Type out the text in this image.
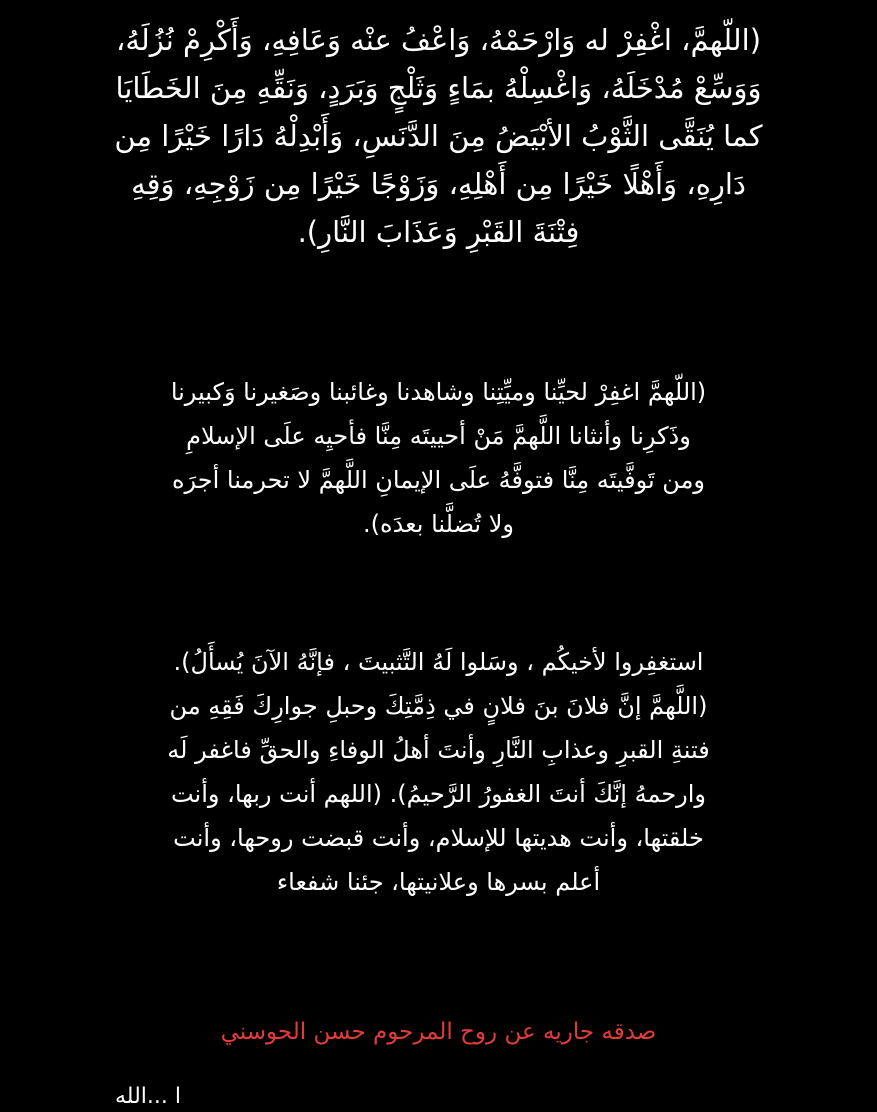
(اللّهمَّ، اغْفِرْ له وَارْحَمْهُ، وَاعْفُ عنْه وَعَافِهِ، وَأَكْرِمْ نُزُلَهُ،
وَوَسِّعْ مُدْخَلَهُ، وَاغْسِلْهُ بمَاءٍ وَثَلْجٍ وَبَرَدٍ، وَنَقِّهِ مِنَ الخَطَايَا
كما يُنَقَّى الثَّوْبُ الأبْيَضُ مِنَ الدَّنَسِ، وَأَبْدِلْهُ دَارًا خَيْرًا مِن
دَارِهِ، وَأَهْلًا خَيْرًا مِن أَهْلِهِ، وَزَوْجًا خَيْرًا مِن زَوْجِهِ، وَقِهِ
فِتْنَةَ القَبْرِ وَعَذَابَ النَّارِ).
(اللّهمَّ اغفِرْ لحيِّنا وميِّتِنا وشاهدنا وغائبنا وصَغيرنا وَكبيرنا
وذَكرِنا وأنثانا اللَّهمَّ مَنْ أحييتَه مِنَّا فأحيِه علَى الإسلامِ
ومن تَوفَّيتَه مِنَّا فتوفَّهُ علَى الإيمانِ اللَّهمَّ لا تحرمنا أجرَه
ولا تُضلَّنا بعدَه).
استغفِروا لأخيكُم ، وسَلوا لَهُ التَّثبيتَ ، فإنَّهُ الآنَ يُسأَلُ).
(اللَّهمَّ إنَّ فلانَ بنَ فلانٍ في ذِمَّتِكَ وحبلِ جوارِكَ فَقِهِ من
فتنةِ القبرِ وعذابِ النَّارِ وأنتَ أهلُ الوفاءِ والحقِّ فاغفر لَه
وارحمهُ إنَّكَ أنتَ الغفورُ الرَّحيمُ). (اللهم أنت ربها، وأنت
خلقتها، وأنت هديتها للإسلام، وأنت قبضت روحها، وأنت
أعلم بسرها وعلانيتها، جئنا شفعاء
صدقه جاريه عن روح المرحوم حسن الحوسني
ا ...الله
